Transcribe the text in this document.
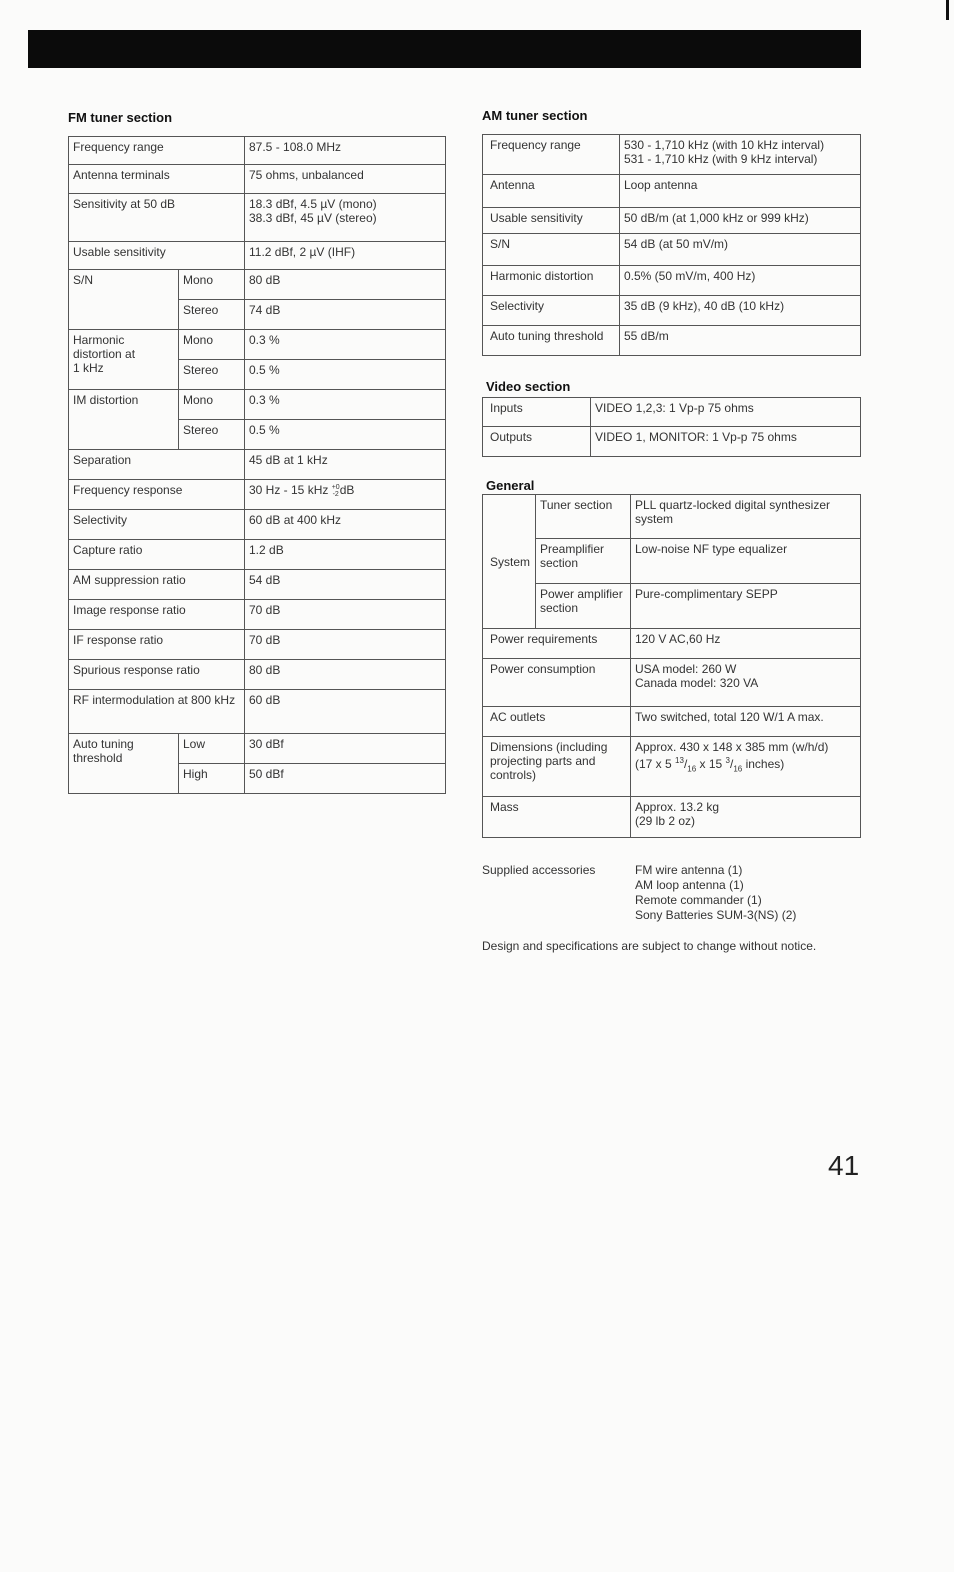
FM tuner section
Frequency range		87.5 - 108.0 MHz
Antenna terminals		75 ohms, unbalanced
Sensitivity at 50 dB		18.3 dBf, 4.5 µV (mono)
38.3 dBf, 45 µV (stereo)
Usable sensitivity		11.2 dBf, 2 µV (IHF)
S/N	Mono	80 dB
	Stereo	74 dB
Harmonic
distortion at
1 kHz	Mono	0.3 %
	Stereo	0.5 %
IM distortion	Mono	0.3 %
	Stereo	0.5 %
Separation		45 dB at 1 kHz
Frequency response		30 Hz - 15 kHz +0
-2dB
Selectivity		60 dB at 400 kHz
Capture ratio		1.2 dB
AM suppression ratio		54 dB
Image response ratio		70 dB
IF response ratio		70 dB
Spurious response ratio		80 dB
RF intermodulation at 800 kHz		60 dB
Auto tuning threshold	Low	30 dBf
	High	50 dBf
AM tuner section
Frequency range	530 - 1,710 kHz (with 10 kHz interval)
531 - 1,710 kHz (with 9 kHz interval)
Antenna	Loop antenna
Usable sensitivity	50 dB/m (at 1,000 kHz or 999 kHz)
S/N	54 dB (at 50 mV/m)
Harmonic distortion	0.5% (50 mV/m, 400 Hz)
Selectivity	35 dB (9 kHz), 40 dB (10 kHz)
Auto tuning threshold	55 dB/m
Video section
Inputs	VIDEO 1,2,3: 1 Vp-p 75 ohms
Outputs	VIDEO 1, MONITOR: 1 Vp-p 75 ohms
General
System	Tuner section	PLL quartz-locked digital synthesizer system
	Preamplifier section	Low-noise NF type equalizer
	Power amplifier section	Pure-complimentary SEPP
Power requirements		120 V AC,60 Hz
Power consumption		USA model: 260 W
Canada model: 320 VA
AC outlets		Two switched, total 120 W/1 A max.
Dimensions (including projecting parts and controls)		Approx. 430 x 148 x 385 mm (w/h/d)
(17 x 5 $^{13}/_{16}$ x 15 $^3/_{16}$ inches)

Mass		Approx. 13.2 kg
(29 lb 2 oz)
Supplied accessories	FM wire antenna (1)
AM loop antenna (1)
Remote commander (1)
Sony Batteries SUM-3(NS) (2)
Design and specifications are subject to change without notice.
41
